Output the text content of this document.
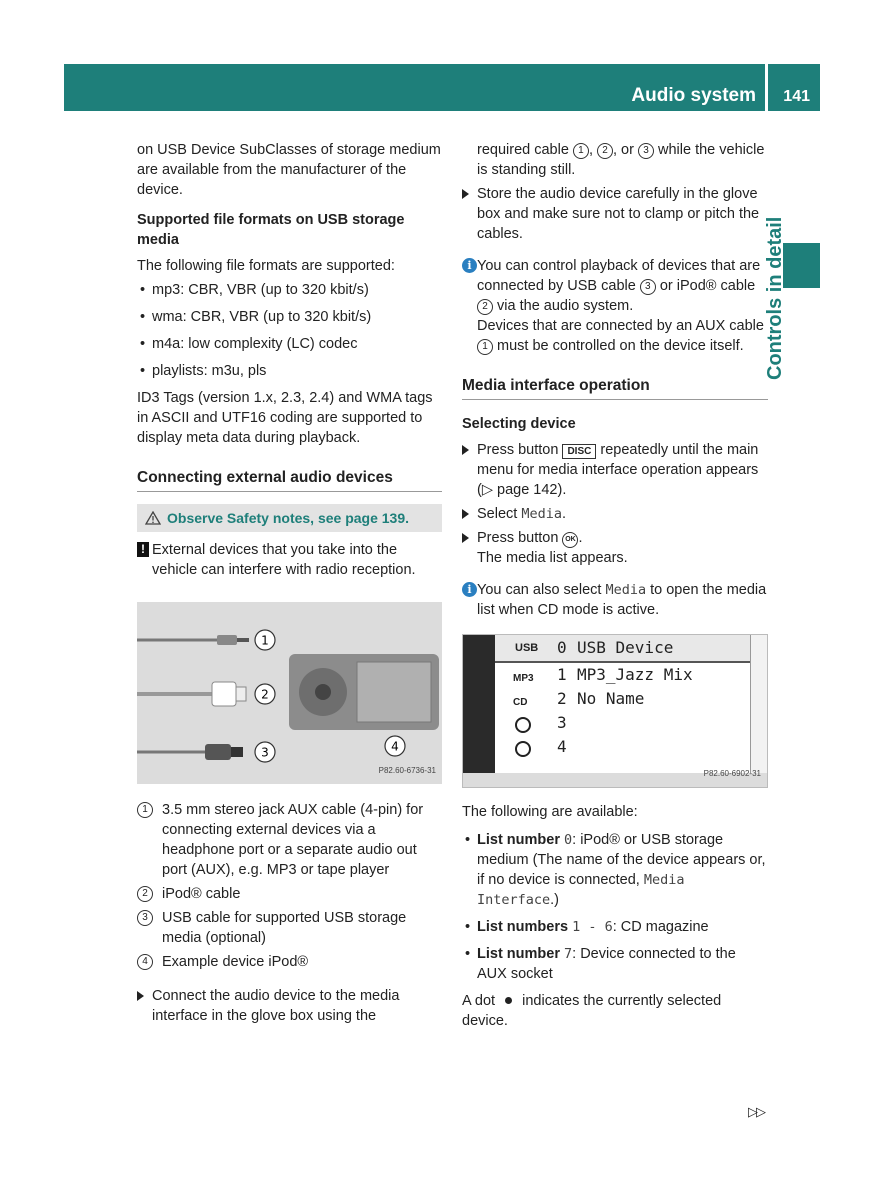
Audio system 141
Controls in detail

on USB Device SubClasses of storage medium are available from the manufacturer of the device.

Supported file formats on USB storage media

The following file formats are supported:

• mp3: CBR, VBR (up to 320 kbit/s)
• wma: CBR, VBR (up to 320 kbit/s)
• m4a: low complexity (LC) codec
• playlists: m3u, pls

ID3 Tags (version 1.x, 2.3, 2.4) and WMA tags in ASCII and UTF16 coding are supported to display meta data during playback.

Connecting external audio devices

Observe Safety notes, see page 139.
! External devices that you take into the vehicle can interfere with radio reception.
1
2
3	4
P82.60-6736-31
1 3.5 mm stereo jack AUX cable (4-pin) for connecting external devices via a headphone port or a separate audio out port (AUX), e.g. MP3 or tape player
2 iPod® cable
3 USB cable for supported USB storage media (optional)
4 Example device iPod®
Connect the audio device to the media interface in the glove box using the

required cable 1 , 2 , or 3 while the vehicle is standing still.

Store the audio device carefully in the glove box and make sure not to clamp or pitch the cables.
i You can control playback of devices that are connected by USB cable 3 or iPod® cable 2 via the audio system.
Devices that are connected by an AUX cable 1 must be controlled on the device itself.

Media interface operation

Selecting device

Press button DISC repeatedly until the main menu for media interface operation appears (▷ page 142).
Select Media.
Press button OK .
The media list appears.
i You can also select Media to open the media list when CD mode is active.
USB 0 USB Device
MP3 1 MP3_Jazz Mix
CD 2 No Name
3
4
P82.60-6902-31

The following are available:

• List number 0: iPod® or USB storage medium (The name of the device appears or, if no device is connected, Media Interface.)
• List numbers 1 - 6: CD magazine
• List number 7: Device connected to the AUX socket

A dot indicates the currently selected device.

▷▷
